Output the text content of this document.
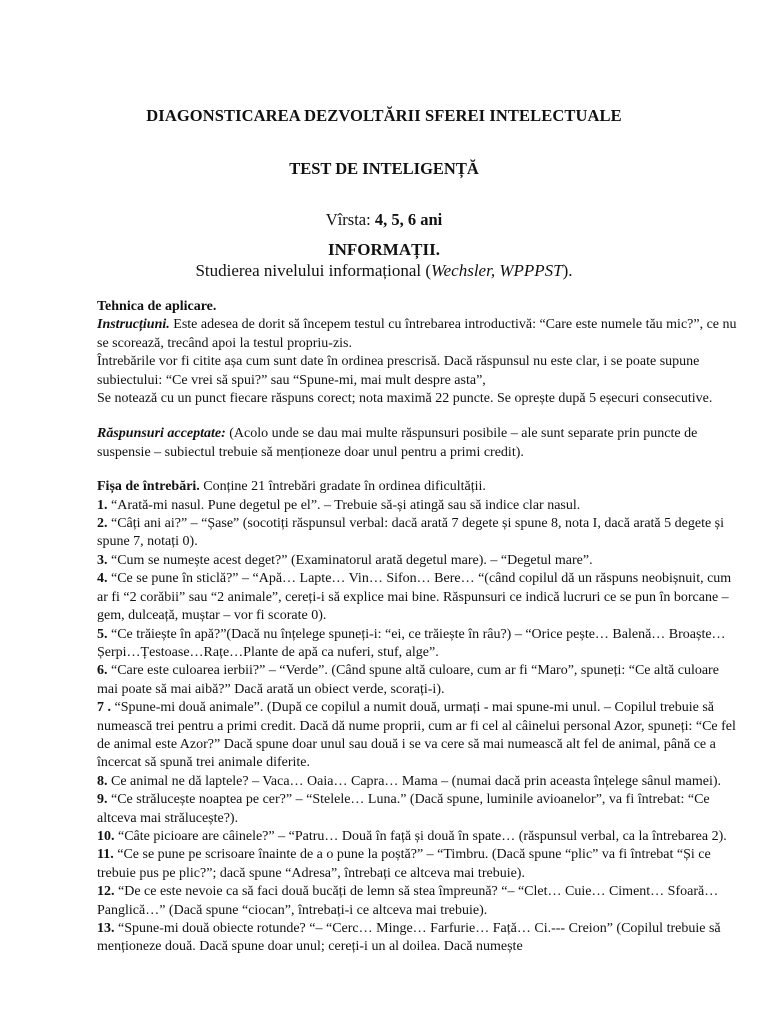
DIAGONSTICAREA DEZVOLTĂRII SFEREI INTELECTUALE
TEST DE INTELIGENȚĂ
Vîrsta: 4, 5, 6 ani
INFORMAȚII.
Studierea nivelului informațional (Wechsler, WPPPST).

Tehnica de aplicare.

Instrucțiuni. Este adesea de dorit să începem testul cu întrebarea introductivă: “Care este numele tău mic?”, ce nu se scorează, trecând apoi la testul propriu-zis.

Întrebările vor fi citite așa cum sunt date în ordinea prescrisă. Dacă răspunsul nu este clar, i se poate supune subiectului: “Ce vrei să spui?” sau “Spune-mi, mai mult despre asta”,

Se notează cu un punct fiecare răspuns corect; nota maximă 22 puncte. Se oprește după 5 eșecuri consecutive.

Răspunsuri acceptate: (Acolo unde se dau mai multe răspunsuri posibile – ale sunt separate prin puncte de suspensie – subiectul trebuie să menționeze doar unul pentru a primi credit).

Fișa de întrebări. Conține 21 întrebări gradate în ordinea dificultății.

1. “Arată-mi nasul. Pune degetul pe el”. – Trebuie să-și atingă sau să indice clar nasul.

2. “Câți ani ai?” – “Șase” (socotiți răspunsul verbal: dacă arată 7 degete și spune 8, nota I, dacă arată 5 degete și spune 7, notați 0).

3. “Cum se numește acest deget?” (Examinatorul arată degetul mare). – “Degetul mare”.

4. “Ce se pune în sticlă?” – “Apă… Lapte… Vin… Sifon… Bere… “(când copilul dă un răspuns neobișnuit, cum ar fi “2 corăbii” sau “2 animale”, cereți-i să explice mai bine. Răspunsuri ce indică lucruri ce se pun în borcane – gem, dulceață, muștar – vor fi scorate 0).

5. “Ce trăiește în apă?”(Dacă nu înțelege spuneți-i: “ei, ce trăiește în râu?) – “Orice pește… Balenă… Broaște… Șerpi…Țestoase…Rațe…Plante de apă ca nuferi, stuf, alge”.

6. “Care este culoarea ierbii?” – “Verde”. (Când spune altă culoare, cum ar fi “Maro”, spuneți: “Ce altă culoare mai poate să mai aibă?” Dacă arată un obiect verde, scorați-i).

7 . “Spune-mi două animale”. (După ce copilul a numit două, urmați - mai spune-mi unul. – Copilul trebuie să numească trei pentru a primi credit. Dacă dă nume proprii, cum ar fi cel al câinelui personal Azor, spuneți: “Ce fel de animal este Azor?” Dacă spune doar unul sau două i se va cere să mai numească alt fel de animal, până ce a încercat să spună trei animale diferite.

8. Ce animal ne dă laptele? – Vaca… Oaia… Capra… Mama – (numai dacă prin aceasta înțelege sânul mamei).

9. “Ce strălucește noaptea pe cer?” – “Stelele… Luna.” (Dacă spune, luminile avioanelor”, va fi întrebat: “Ce altceva mai strălucește?).

10. “Câte picioare are câinele?” – “Patru… Două în față și două în spate… (răspunsul verbal, ca la întrebarea 2).

11. “Ce se pune pe scrisoare înainte de a o pune la poștă?” – “Timbru. (Dacă spune “plic” va fi întrebat “Și ce trebuie pus pe plic?”; dacă spune “Adresa”, întrebați ce altceva mai trebuie).

12. “De ce este nevoie ca să faci două bucăți de lemn să stea împreună? “– “Clet… Cuie… Ciment… Sfoară… Panglică…” (Dacă spune “ciocan”, întrebați-i ce altceva mai trebuie).

13. “Spune-mi două obiecte rotunde? “– “Cerc… Minge… Farfurie… Față… Ci.--- Creion” (Copilul trebuie să menționeze două. Dacă spune doar unul; cereți-i un al doilea. Dacă numește
